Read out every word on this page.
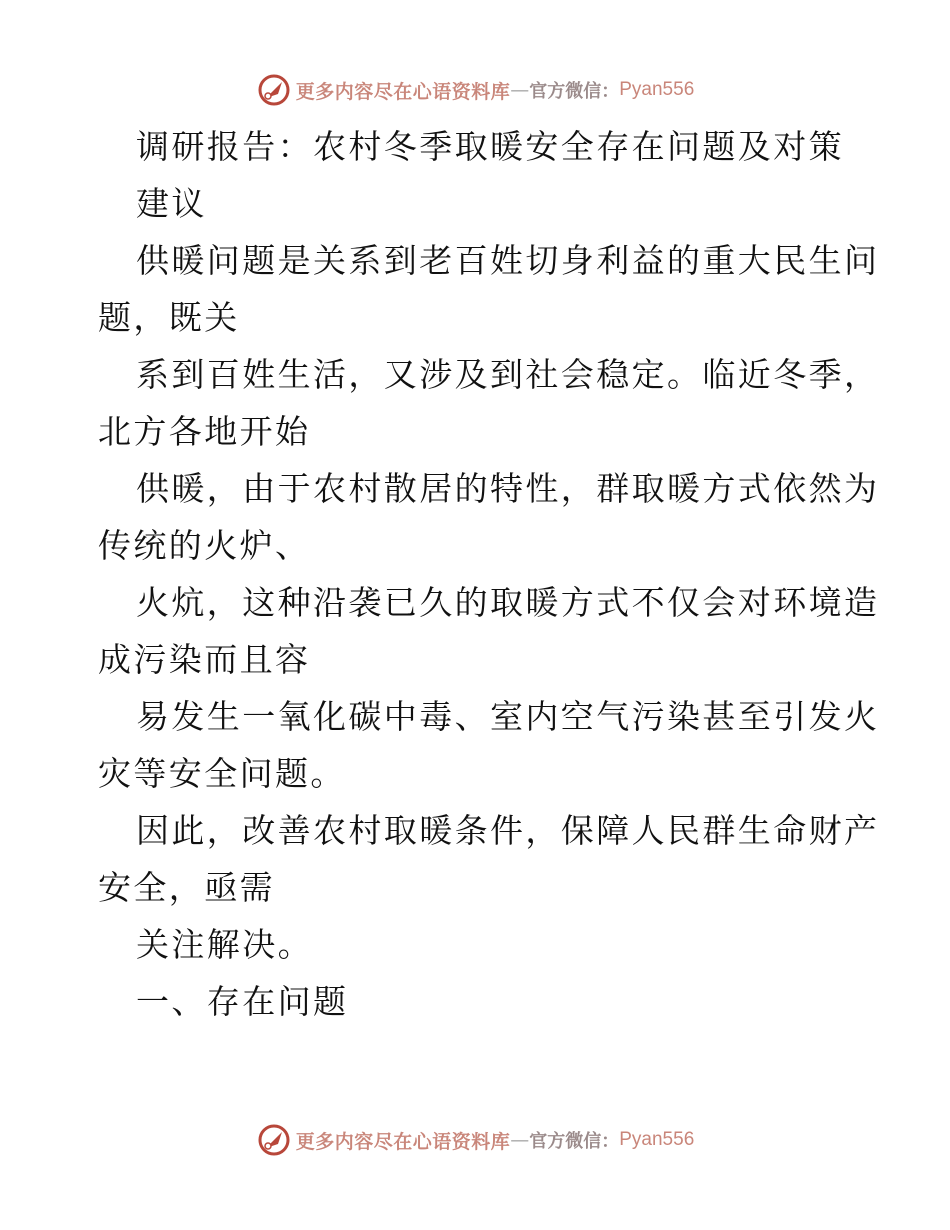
更多内容尽在心语资料库 — 官方微信： Pyan556
调研报告：农村冬季取暖安全存在问题及对策
建议
供暖问题是关系到老百姓切身利益的重大民生问
题，既关
系到百姓生活，又涉及到社会稳定。临近冬季，
北方各地开始
供暖，由于农村散居的特性，群取暖方式依然为
传统的火炉、
火炕，这种沿袭已久的取暖方式不仅会对环境造
成污染而且容
易发生一氧化碳中毒、室内空气污染甚至引发火
灾等安全问题。
因此，改善农村取暖条件，保障人民群生命财产
安全，亟需
关注解决。
一、存在问题
更多内容尽在心语资料库 — 官方微信： Pyan556
